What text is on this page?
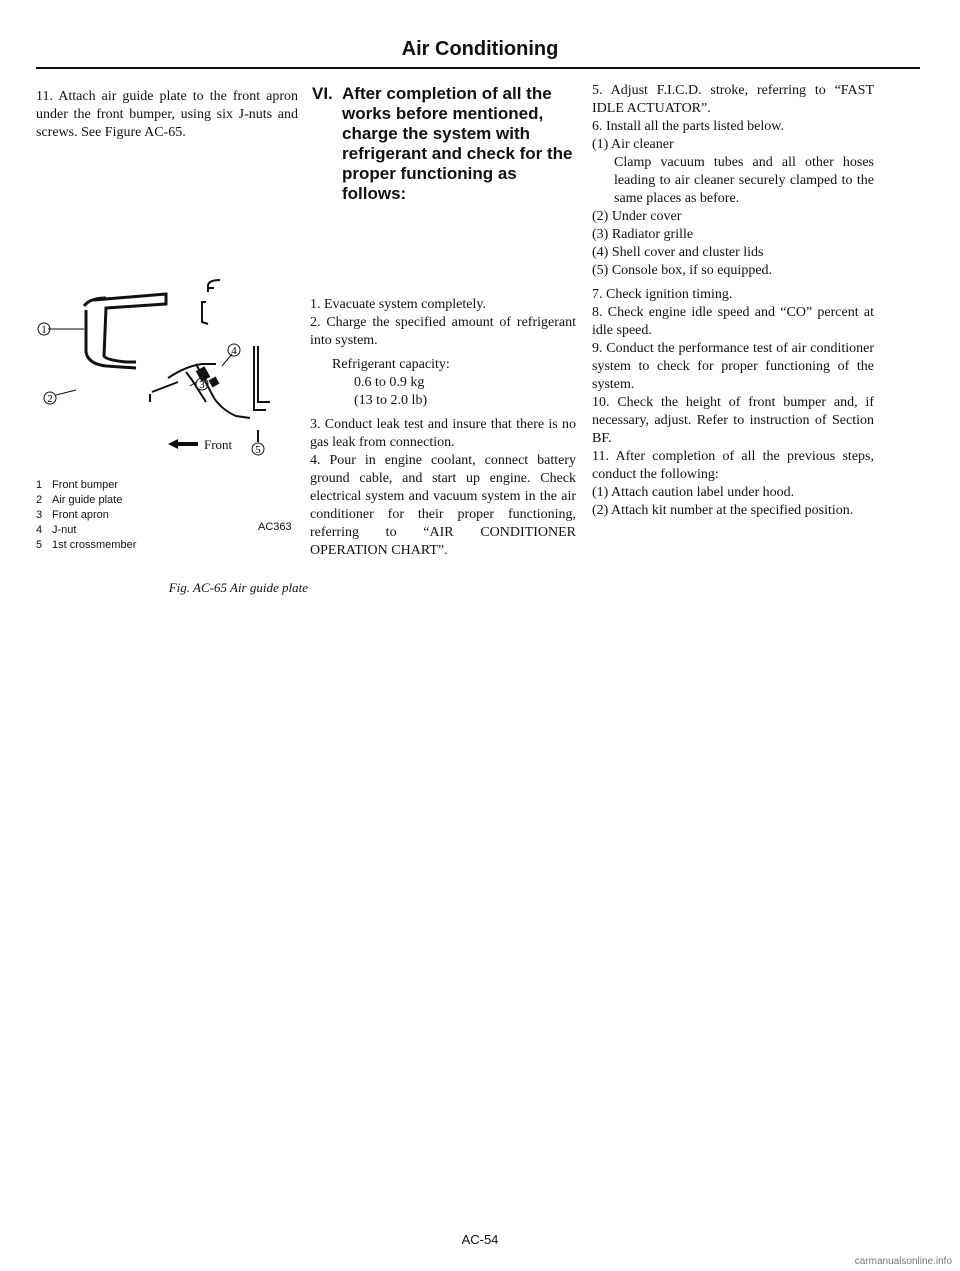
Air Conditioning

11. Attach air guide plate to the front apron under the front bumper, using six J-nuts and screws. See Figure AC-65.

1
2
3
4
5
Front
1 Front bumper
2 Air guide plate
3 Front apron
4 J-nut
5 1st crossmember
AC363
Fig. AC-65 Air guide plate
VI. After completion of all the works before mentioned, charge the system with refrigerant and check for the proper functioning as follows:

1. Evacuate system completely.

2. Charge the specified amount of refrigerant into system.

Refrigerant capacity:

0.6 to 0.9 kg

(13 to 2.0 lb)

3. Conduct leak test and insure that there is no gas leak from connection.

4. Pour in engine coolant, connect battery ground cable, and start up engine. Check electrical system and vacuum system in the air conditioner for their proper functioning, referring to “AIR CONDITIONER OPERATION CHART”.

5. Adjust F.I.C.D. stroke, referring to “FAST IDLE ACTUATOR”.

6. Install all the parts listed below.

(1) Air cleaner

Clamp vacuum tubes and all other hoses leading to air cleaner securely clamped to the same places as before.

(2) Under cover

(3) Radiator grille

(4) Shell cover and cluster lids

(5) Console box, if so equipped.

7. Check ignition timing.

8. Check engine idle speed and “CO” percent at idle speed.

9. Conduct the performance test of air conditioner system to check for proper functioning of the system.

10. Check the height of front bumper and, if necessary, adjust. Refer to instruction of Section BF.

11. After completion of all the previous steps, conduct the following:

(1) Attach caution label under hood.

(2) Attach kit number at the specified position.

AC-54
carmanualsonline.info
